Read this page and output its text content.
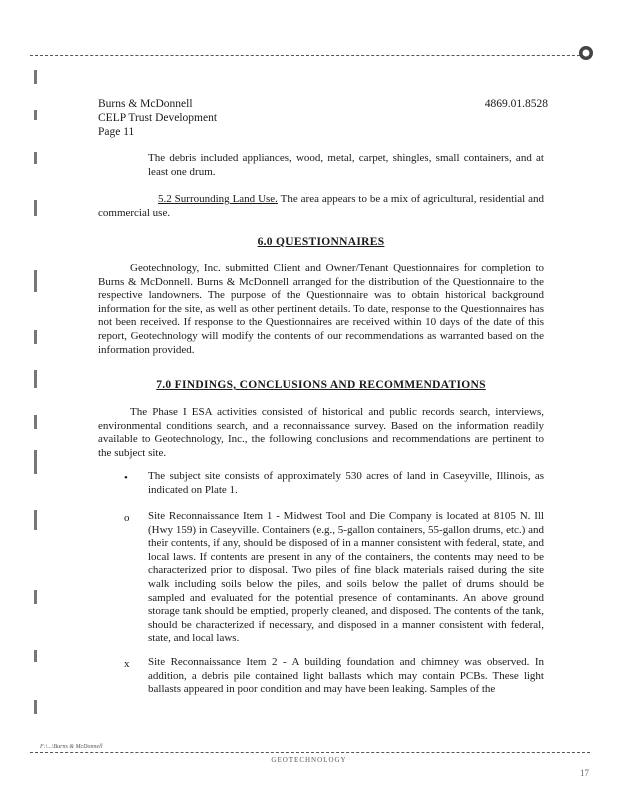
Burns & McDonnell
CELP Trust Development
Page 11
4869.01.8528
The debris included appliances, wood, metal, carpet, shingles, small containers, and at least one drum.
5.2 Surrounding Land Use. The area appears to be a mix of agricultural, residential and commercial use.
6.0 QUESTIONNAIRES
Geotechnology, Inc. submitted Client and Owner/Tenant Questionnaires for completion to Burns & McDonnell. Burns & McDonnell arranged for the distribution of the Questionnaire to the respective landowners. The purpose of the Questionnaire was to obtain historical background information for the site, as well as other pertinent details. To date, response to the Questionnaires has not been received. If response to the Questionnaires are received within 10 days of the date of this report, Geotechnology will modify the contents of our recommendations as warranted based on the information provided.
7.0 FINDINGS, CONCLUSIONS AND RECOMMENDATIONS
The Phase I ESA activities consisted of historical and public records search, interviews, environmental conditions search, and a reconnaissance survey. Based on the information readily available to Geotechnology, Inc., the following conclusions and recommendations are pertinent to the subject site.
• The subject site consists of approximately 530 acres of land in Caseyville, Illinois, as indicated on Plate 1.
o Site Reconnaissance Item 1 - Midwest Tool and Die Company is located at 8105 N. Ill (Hwy 159) in Caseyville. Containers (e.g., 5-gallon containers, 55-gallon drums, etc.) and their contents, if any, should be disposed of in a manner consistent with federal, state, and local laws. If contents are present in any of the containers, the contents may need to be characterized prior to disposal. Two piles of fine black materials raised during the site walk including soils below the piles, and soils below the pallet of drums should be sampled and evaluated for the potential presence of contaminants. An above ground storage tank should be emptied, properly cleaned, and disposed. The contents of the tank, should be characterized if necessary, and disposed in a manner consistent with federal, state, and local laws.
x Site Reconnaissance Item 2 - A building foundation and chimney was observed. In addition, a debris pile contained light ballasts which may contain PCBs. These light ballasts appeared in poor condition and may have been leaking. Samples of the
F:\...\Burns & McDonnell
GEOTECHNOLOGY
17
